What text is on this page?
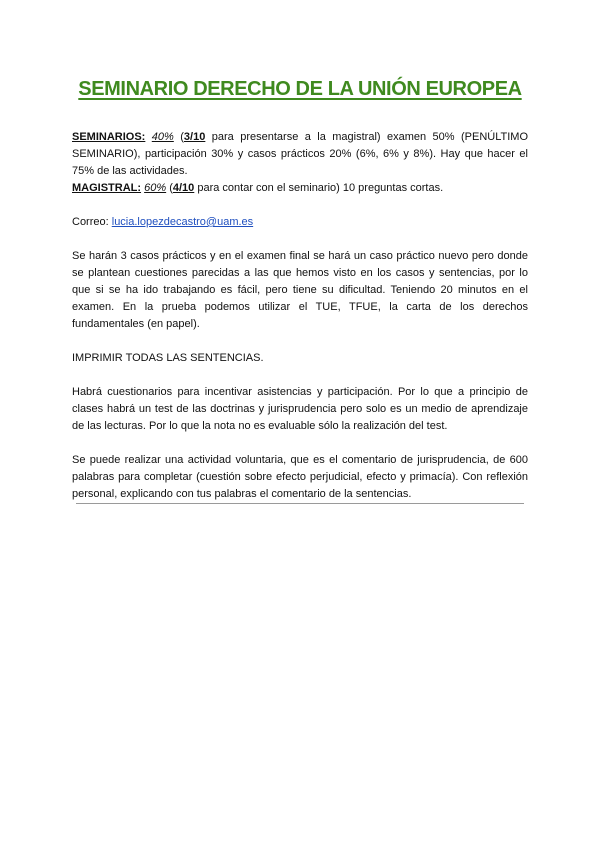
SEMINARIO DERECHO DE LA UNIÓN EUROPEA

SEMINARIOS: 40% (3/10 para presentarse a la magistral) examen 50% (PENÚLTIMO SEMINARIO), participación 30% y casos prácticos 20% (6%, 6% y 8%). Hay que hacer el 75% de las actividades.

MAGISTRAL: 60% (4/10 para contar con el seminario) 10 preguntas cortas.

Correo: lucia.lopezdecastro@uam.es

Se harán 3 casos prácticos y en el examen final se hará un caso práctico nuevo pero donde se plantean cuestiones parecidas a las que hemos visto en los casos y sentencias, por lo que si se ha ido trabajando es fácil, pero tiene su dificultad. Teniendo 20 minutos en el examen. En la prueba podemos utilizar el TUE, TFUE, la carta de los derechos fundamentales (en papel).

IMPRIMIR TODAS LAS SENTENCIAS.

Habrá cuestionarios para incentivar asistencias y participación. Por lo que a principio de clases habrá un test de las doctrinas y jurisprudencia pero solo es un medio de aprendizaje de las lecturas. Por lo que la nota no es evaluable sólo la realización del test.

Se puede realizar una actividad voluntaria, que es el comentario de jurisprudencia, de 600 palabras para completar (cuestión sobre efecto perjudicial, efecto y primacía). Con reflexión personal, explicando con tus palabras el comentario de la sentencias.
